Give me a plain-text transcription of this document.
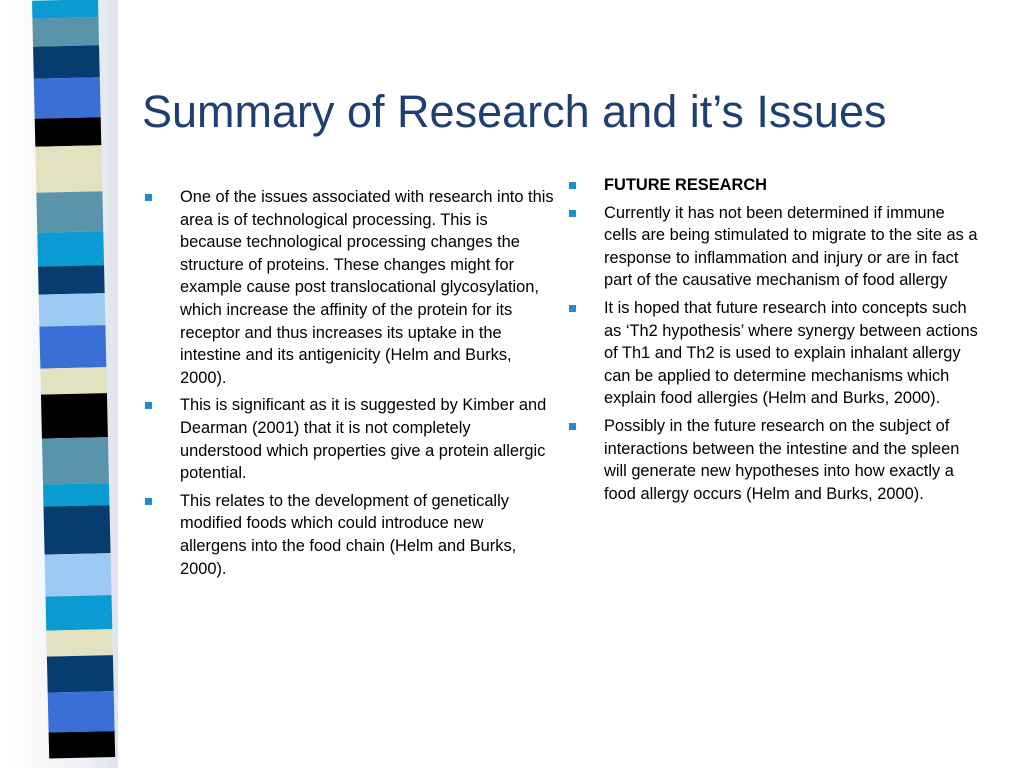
Summary of Research and it’s Issues
One of the issues associated with research into this area is of technological processing. This is because technological processing changes the structure of proteins. These changes might for example cause post translocational glycosylation, which increase the affinity of the protein for its receptor and thus increases its uptake in the intestine and its antigenicity (Helm and Burks, 2000).
This is significant as it is suggested by Kimber and Dearman (2001) that it is not completely understood which properties give a protein allergic potential.
This relates to the development of genetically modified foods which could introduce new allergens into the food chain (Helm and Burks, 2000).
FUTURE RESEARCH
Currently it has not been determined if immune cells are being stimulated to migrate to the site as a response to inflammation and injury or are in fact part of the causative mechanism of food allergy
It is hoped that future research into concepts such as ‘Th2 hypothesis’ where synergy between actions of Th1 and Th2 is used to explain inhalant allergy can be applied to determine mechanisms which explain food allergies (Helm and Burks, 2000).
Possibly in the future research on the subject of interactions between the intestine and the spleen will generate new hypotheses into how exactly a food allergy occurs (Helm and Burks, 2000).
